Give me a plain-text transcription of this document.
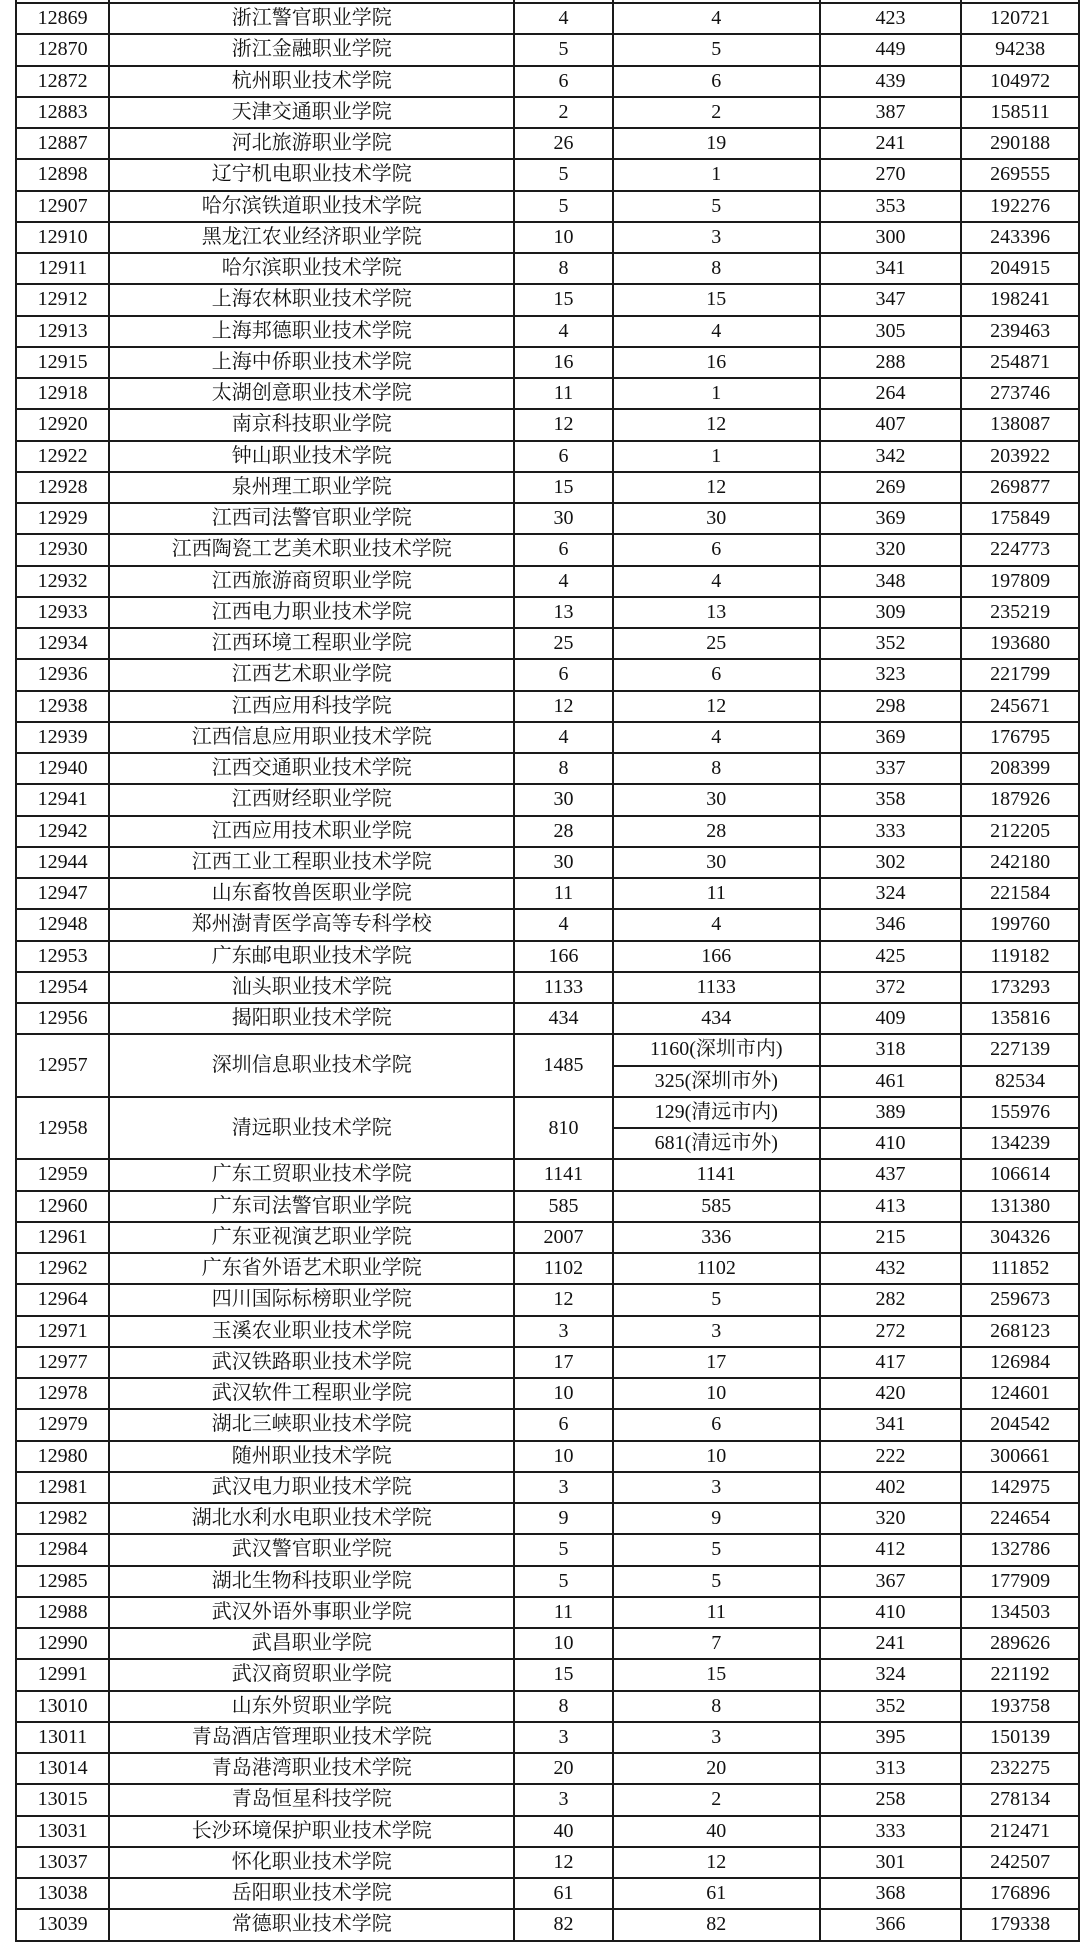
12869	浙江警官职业学院	4	4	423	120721
12870	浙江金融职业学院	5	5	449	94238
12872	杭州职业技术学院	6	6	439	104972
12883	天津交通职业学院	2	2	387	158511
12887	河北旅游职业学院	26	19	241	290188
12898	辽宁机电职业技术学院	5	1	270	269555
12907	哈尔滨铁道职业技术学院	5	5	353	192276
12910	黑龙江农业经济职业学院	10	3	300	243396
12911	哈尔滨职业技术学院	8	8	341	204915
12912	上海农林职业技术学院	15	15	347	198241
12913	上海邦德职业技术学院	4	4	305	239463
12915	上海中侨职业技术学院	16	16	288	254871
12918	太湖创意职业技术学院	11	1	264	273746
12920	南京科技职业学院	12	12	407	138087
12922	钟山职业技术学院	6	1	342	203922
12928	泉州理工职业学院	15	12	269	269877
12929	江西司法警官职业学院	30	30	369	175849
12930	江西陶瓷工艺美术职业技术学院	6	6	320	224773
12932	江西旅游商贸职业学院	4	4	348	197809
12933	江西电力职业技术学院	13	13	309	235219
12934	江西环境工程职业学院	25	25	352	193680
12936	江西艺术职业学院	6	6	323	221799
12938	江西应用科技学院	12	12	298	245671
12939	江西信息应用职业技术学院	4	4	369	176795
12940	江西交通职业技术学院	8	8	337	208399
12941	江西财经职业学院	30	30	358	187926
12942	江西应用技术职业学院	28	28	333	212205
12944	江西工业工程职业技术学院	30	30	302	242180
12947	山东畜牧兽医职业学院	11	11	324	221584
12948	郑州澍青医学高等专科学校	4	4	346	199760
12953	广东邮电职业技术学院	166	166	425	119182
12954	汕头职业技术学院	1133	1133	372	173293
12956	揭阳职业技术学院	434	434	409	135816
12957	深圳信息职业技术学院	1485	1160(深圳市内)	318	227139
			325(深圳市外)	461	82534
12958	清远职业技术学院	810	129(清远市内)	389	155976
			681(清远市外)	410	134239
12959	广东工贸职业技术学院	1141	1141	437	106614
12960	广东司法警官职业学院	585	585	413	131380
12961	广东亚视演艺职业学院	2007	336	215	304326
12962	广东省外语艺术职业学院	1102	1102	432	111852
12964	四川国际标榜职业学院	12	5	282	259673
12971	玉溪农业职业技术学院	3	3	272	268123
12977	武汉铁路职业技术学院	17	17	417	126984
12978	武汉软件工程职业学院	10	10	420	124601
12979	湖北三峡职业技术学院	6	6	341	204542
12980	随州职业技术学院	10	10	222	300661
12981	武汉电力职业技术学院	3	3	402	142975
12982	湖北水利水电职业技术学院	9	9	320	224654
12984	武汉警官职业学院	5	5	412	132786
12985	湖北生物科技职业学院	5	5	367	177909
12988	武汉外语外事职业学院	11	11	410	134503
12990	武昌职业学院	10	7	241	289626
12991	武汉商贸职业学院	15	15	324	221192
13010	山东外贸职业学院	8	8	352	193758
13011	青岛酒店管理职业技术学院	3	3	395	150139
13014	青岛港湾职业技术学院	20	20	313	232275
13015	青岛恒星科技学院	3	2	258	278134
13031	长沙环境保护职业技术学院	40	40	333	212471
13037	怀化职业技术学院	12	12	301	242507
13038	岳阳职业技术学院	61	61	368	176896
13039	常德职业技术学院	82	82	366	179338
